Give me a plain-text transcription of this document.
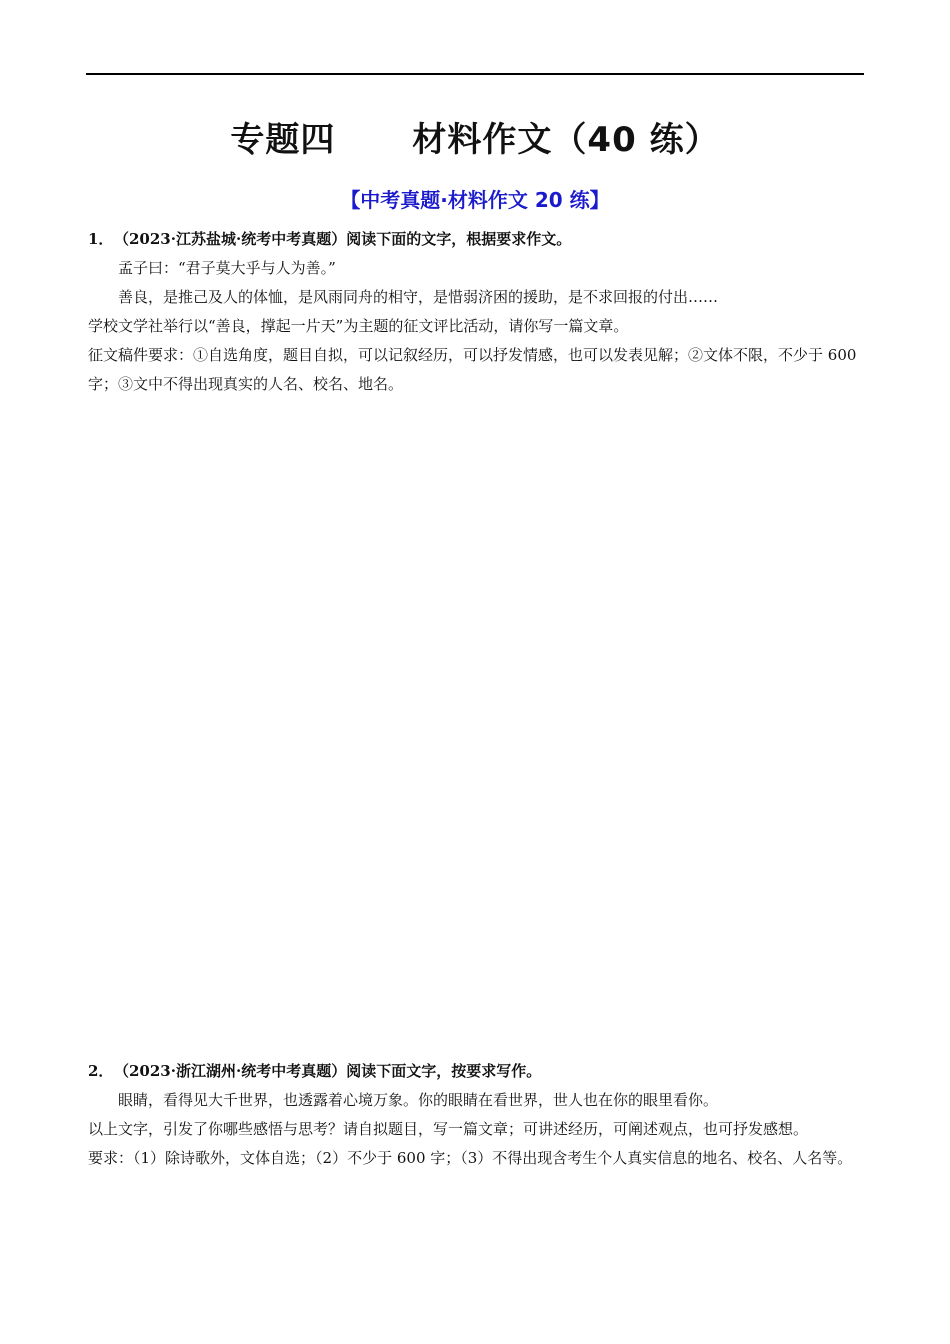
专题四      材料作文（40 练）
【中考真题·材料作文 20 练】
1．（2023·江苏盐城·统考中考真题）阅读下面的文字，根据要求作文。

孟子曰：“君子莫大乎与人为善。”

善良，是推己及人的体恤，是风雨同舟的相守，是惜弱济困的援助，是不求回报的付出……

学校文学社举行以“善良，撑起一片天”为主题的征文评比活动，请你写一篇文章。

征文稿件要求：①自选角度，题目自拟，可以记叙经历，可以抒发情感，也可以发表见解；②文体不限，不少于 600 字；③文中不得出现真实的人名、校名、地名。

2．（2023·浙江湖州·统考中考真题）阅读下面文字，按要求写作。

眼睛，看得见大千世界，也透露着心境万象。你的眼睛在看世界，世人也在你的眼里看你。

以上文字，引发了你哪些感悟与思考？请自拟题目，写一篇文章；可讲述经历，可阐述观点，也可抒发感想。

要求：（1）除诗歌外，文体自选；（2）不少于 600 字；（3）不得出现含考生个人真实信息的地名、校名、人名等。
